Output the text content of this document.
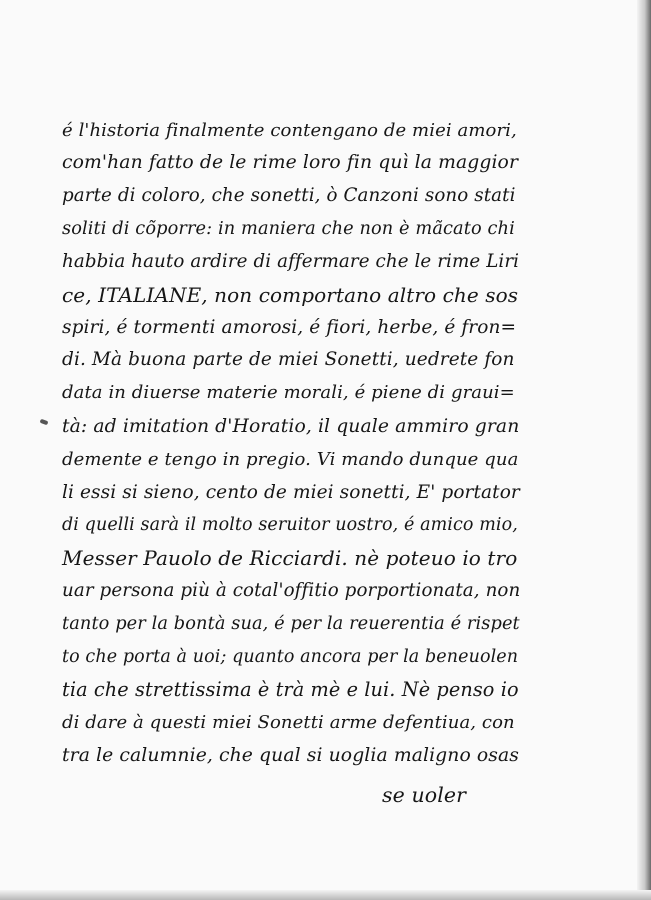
é l'historia finalmente contengano de miei amori,
com'han fatto de le rime loro fin quì la maggior
parte di coloro, che sonetti, ò Canzoni sono stati
soliti di cõporre: in maniera che non è mãcato chi
habbia hauto ardire di affermare che le rime Liri
ce, ITALIANE, non comportano altro che sos
spiri, é tormenti amorosi, é fiori, herbe, é fron=
di. Mà buona parte de miei Sonetti, uedrete fon
data in diuerse materie morali, é piene di graui=
tà: ad imitation d'Horatio, il quale ammiro gran
demente e tengo in pregio. Vi mando dunque qua
li essi si sieno, cento de miei sonetti, E' portator
di quelli sarà il molto seruitor uostro, é amico mio,
Messer Pauolo de Ricciardi. nè poteuo io tro
uar persona più à cotal'offitio porportionata, non
tanto per la bontà sua, é per la reuerentia é rispet
to che porta à uoi; quanto ancora per la beneuolen
tia che strettissima è trà mè e lui. Nè penso io
di dare à questi miei Sonetti arme defentiua, con
tra le calumnie, che qual si uoglia maligno osas
se uoler
